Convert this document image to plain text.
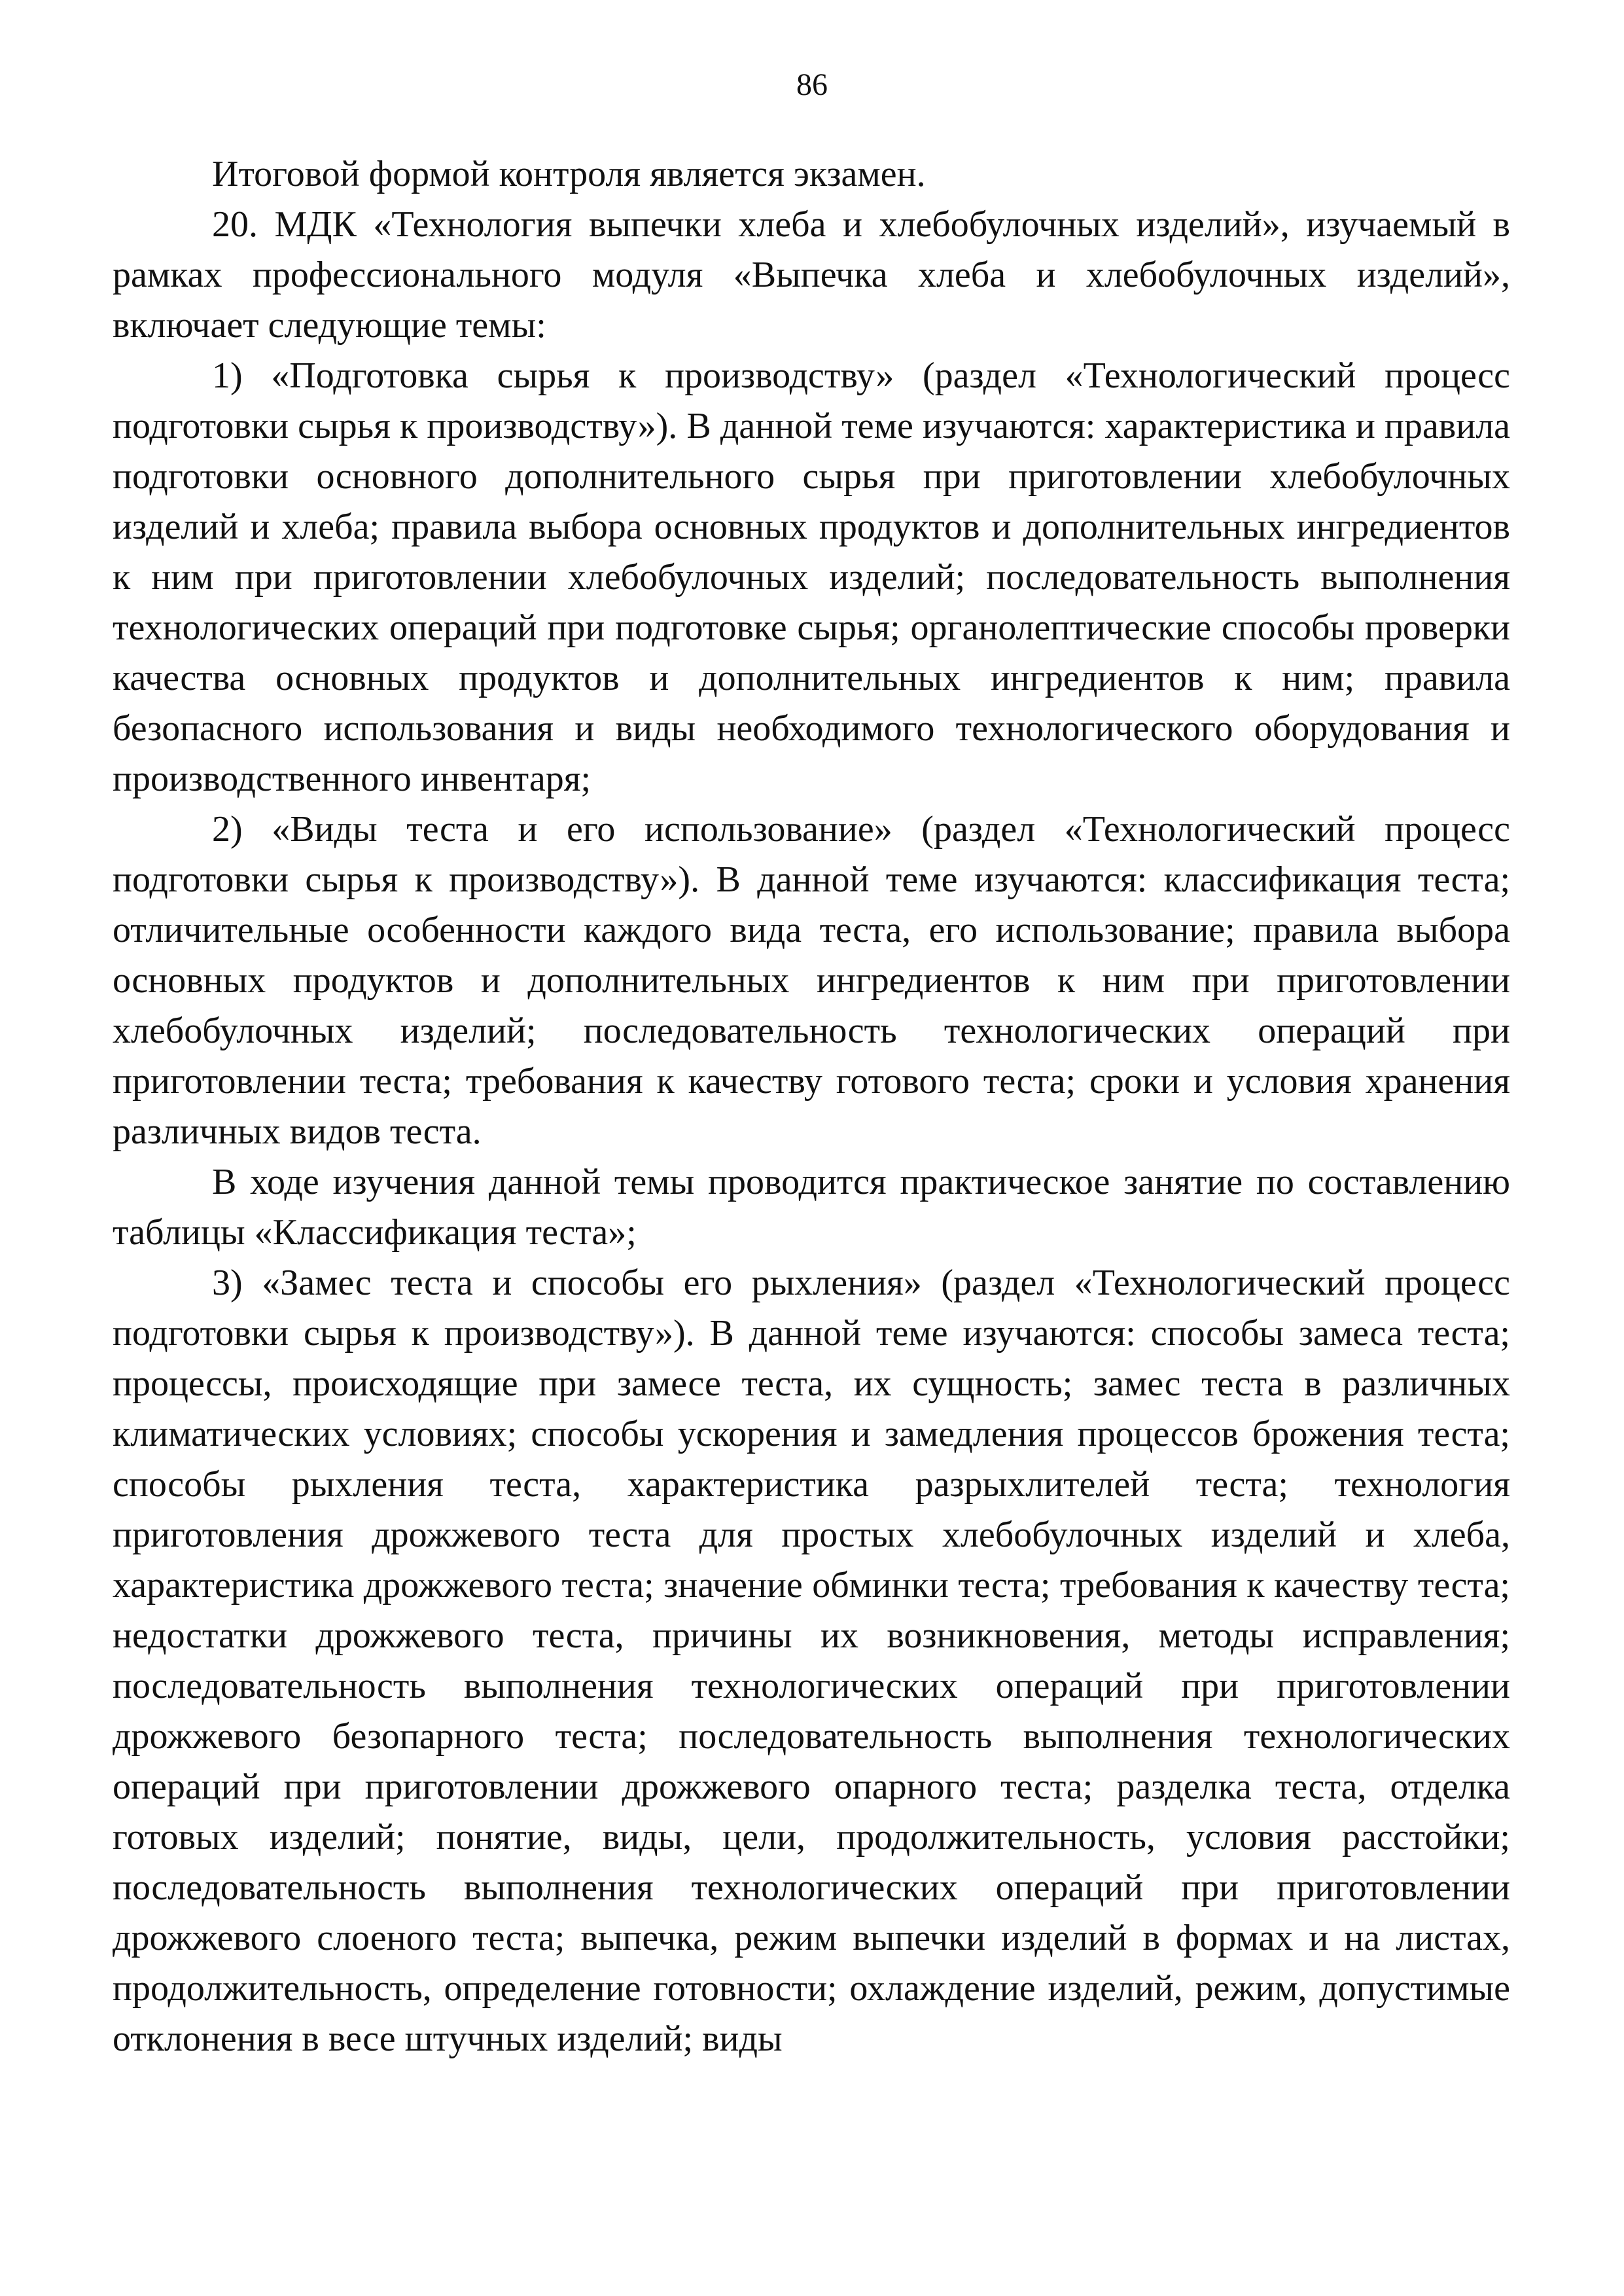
86

Итоговой формой контроля является экзамен.

20. МДК «Технология выпечки хлеба и хлебобулочных изделий», изучаемый в рамках профессионального модуля «Выпечка хлеба и хлебобулочных изделий», включает следующие темы:

1) «Подготовка сырья к производству» (раздел «Технологический процесс подготовки сырья к производству»). В данной теме изучаются: характеристика и правила подготовки основного дополнительного сырья при приготовлении хлебобулочных изделий и хлеба; правила выбора основных продуктов и дополнительных ингредиентов к ним при приготовлении хлебобулочных изделий; последовательность выполнения технологических операций при подготовке сырья; органолептические способы проверки качества основных продуктов и дополнительных ингредиентов к ним; правила безопасного использования и виды необходимого технологического оборудования и производственного инвентаря;

2) «Виды теста и его использование» (раздел «Технологический процесс подготовки сырья к производству»). В данной теме изучаются: классификация теста; отличительные особенности каждого вида теста, его использование; правила выбора основных продуктов и дополнительных ингредиентов к ним при приготовлении хлебобулочных изделий; последовательность технологических операций при приготовлении теста; требования к качеству готового теста; сроки и условия хранения различных видов теста.

В ходе изучения данной темы проводится практическое занятие по составлению таблицы «Классификация теста»;

3) «Замес теста и способы его рыхления» (раздел «Технологический процесс подготовки сырья к производству»). В данной теме изучаются: способы замеса теста; процессы, происходящие при замесе теста, их сущность; замес теста в различных климатических условиях; способы ускорения и замедления процессов брожения теста; способы рыхления теста, характеристика разрыхлителей теста; технология приготовления дрожжевого теста для простых хлебобулочных изделий и хлеба, характеристика дрожжевого теста; значение обминки теста; требования к качеству теста; недостатки дрожжевого теста, причины их возникновения, методы исправления; последовательность выполнения технологических операций при приготовлении дрожжевого безопарного теста; последовательность выполнения технологических операций при приготовлении дрожжевого опарного теста; разделка теста, отделка готовых изделий; понятие, виды, цели, продолжительность, условия расстойки; последовательность выполнения технологических операций при приготовлении дрожжевого слоеного теста; выпечка, режим выпечки изделий в формах и на листах, продолжительность, определение готовности; охлаждение изделий, режим, допустимые отклонения в весе штучных изделий; виды
